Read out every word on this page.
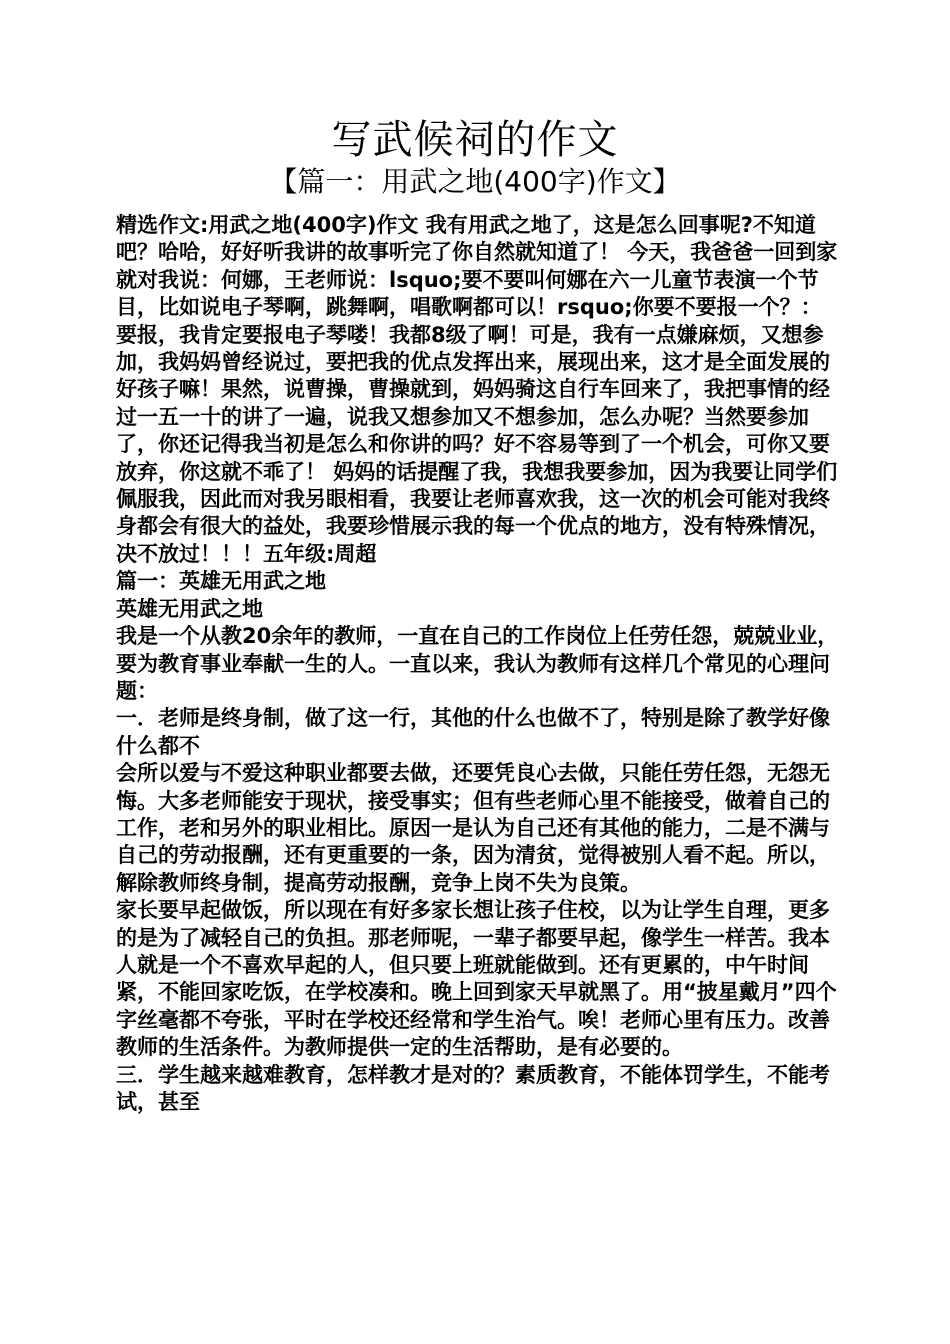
写武候祠的作文
【篇一：用武之地(400字)作文】

精选作文:用武之地(400字)作文 我有用武之地了，这是怎么回事呢?不知道吧？哈哈，好好听我讲的故事听完了你自然就知道了！ 今天，我爸爸一回到家就对我说：何娜，王老师说：lsquo;要不要叫何娜在六一儿童节表演一个节目，比如说电子琴啊，跳舞啊，唱歌啊都可以！rsquo;你要不要报一个？：要报，我肯定要报电子琴喽！我都8级了啊！可是，我有一点嫌麻烦，又想参加，我妈妈曾经说过，要把我的优点发挥出来，展现出来，这才是全面发展的好孩子嘛！果然，说曹操，曹操就到，妈妈骑这自行车回来了，我把事情的经过一五一十的讲了一遍，说我又想参加又不想参加，怎么办呢？当然要参加了，你还记得我当初是怎么和你讲的吗？好不容易等到了一个机会，可你又要放弃，你这就不乖了！ 妈妈的话提醒了我，我想我要参加，因为我要让同学们佩服我，因此而对我另眼相看，我要让老师喜欢我，这一次的机会可能对我终身都会有很大的益处，我要珍惜展示我的每一个优点的地方，没有特殊情况，决不放过！！！五年级:周超

篇一：英雄无用武之地

英雄无用武之地

我是一个从教20余年的教师，一直在自己的工作岗位上任劳任怨，兢兢业业，要为教育事业奉献一生的人。一直以来，我认为教师有这样几个常见的心理问题：

一．老师是终身制，做了这一行，其他的什么也做不了，特别是除了教学好像什么都不

会所以爱与不爱这种职业都要去做，还要凭良心去做，只能任劳任怨，无怨无悔。大多老师能安于现状，接受事实；但有些老师心里不能接受，做着自己的工作，老和另外的职业相比。原因一是认为自己还有其他的能力，二是不满与自己的劳动报酬，还有更重要的一条，因为清贫，觉得被别人看不起。所以，解除教师终身制，提高劳动报酬，竞争上岗不失为良策。

家长要早起做饭，所以现在有好多家长想让孩子住校，以为让学生自理，更多的是为了减轻自己的负担。那老师呢，一辈子都要早起，像学生一样苦。我本人就是一个不喜欢早起的人，但只要上班就能做到。还有更累的，中午时间紧，不能回家吃饭，在学校凑和。晚上回到家天早就黑了。用“披星戴月”四个字丝毫都不夸张，平时在学校还经常和学生治气。唉！老师心里有压力。改善教师的生活条件。为教师提供一定的生活帮助，是有必要的。

三．学生越来越难教育，怎样教才是对的？素质教育，不能体罚学生，不能考试，甚至
